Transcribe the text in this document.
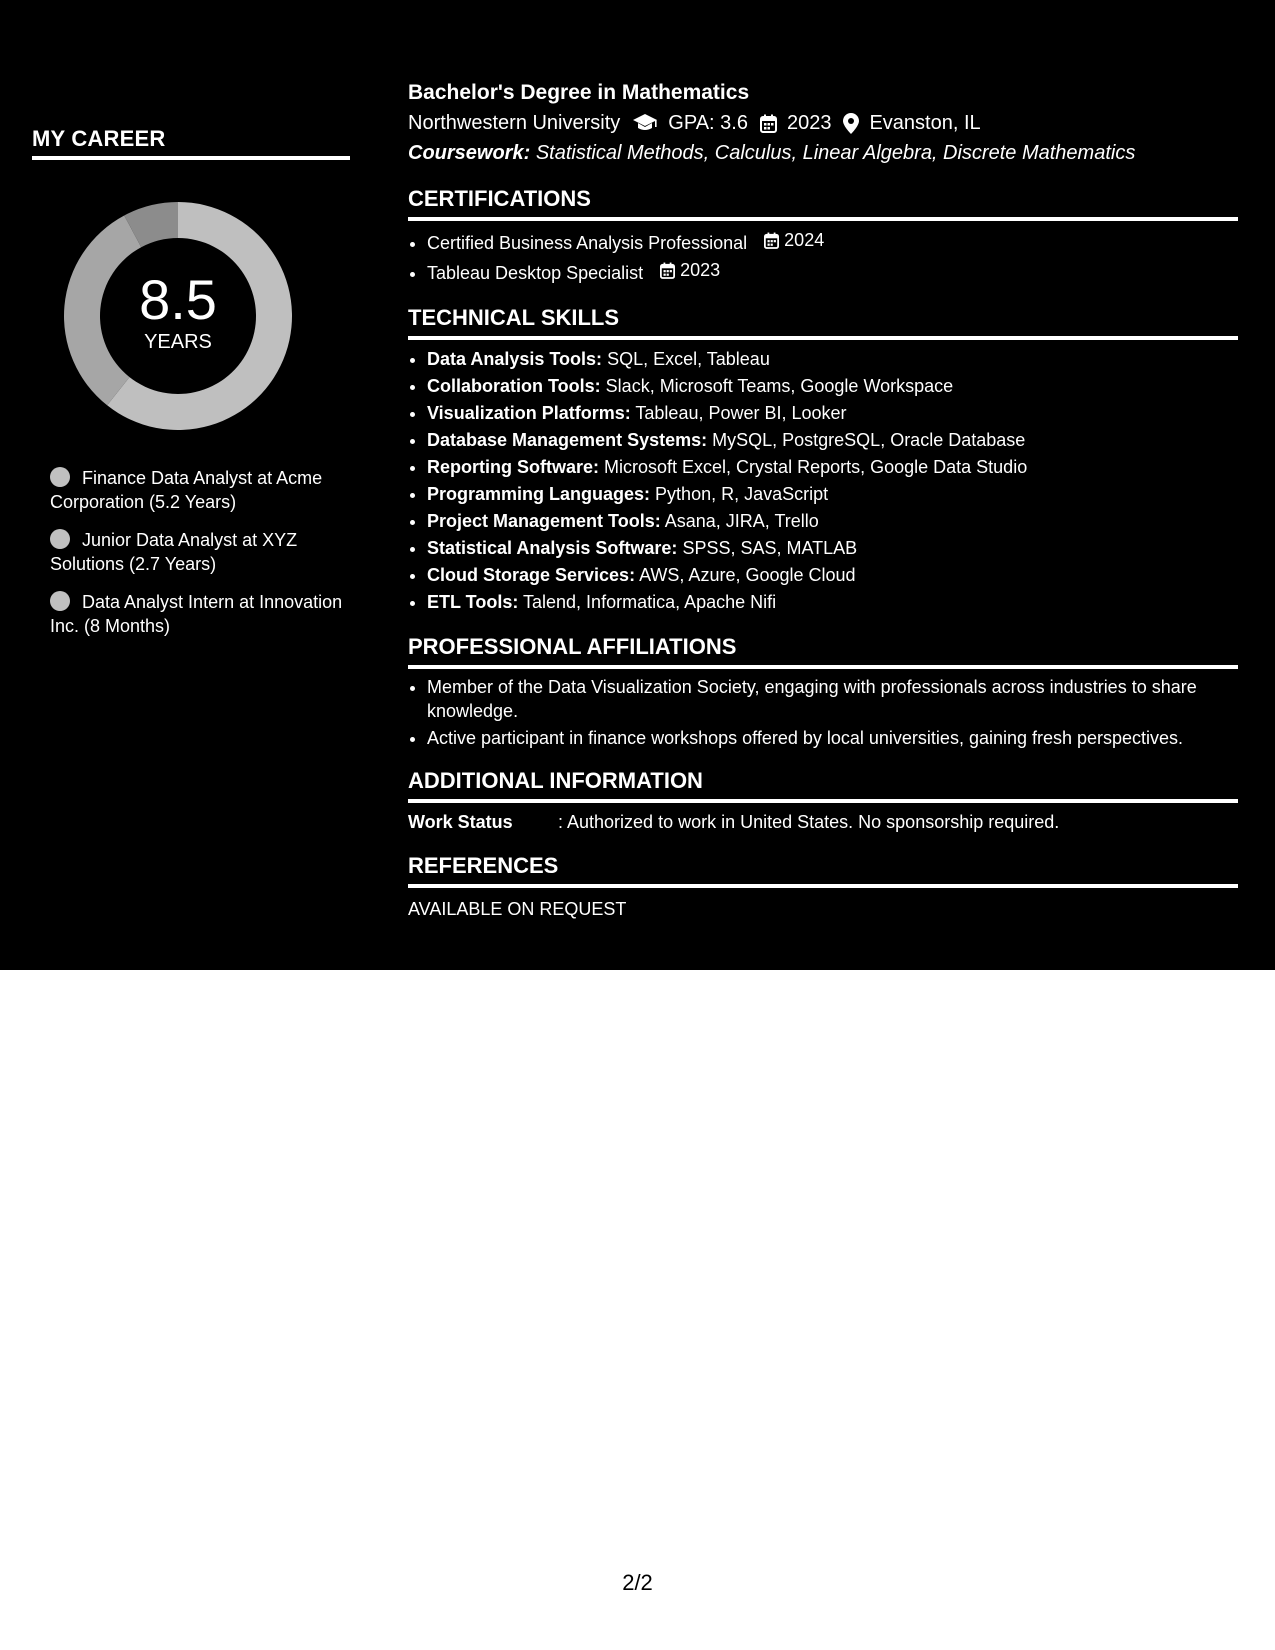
MY CAREER
8.5
YEARS
Finance Data Analyst at Acme Corporation (5.2 Years)
Junior Data Analyst at XYZ Solutions (2.7 Years)
Data Analyst Intern at Innovation Inc. (8 Months)
Bachelor's Degree in Mathematics
Northwestern University GPA: 3.6 2023 Evanston, IL
Coursework: Statistical Methods, Calculus, Linear Algebra, Discrete Mathematics
CERTIFICATIONS
• Certified Business Analysis Professional 2024
• Tableau Desktop Specialist 2023
TECHNICAL SKILLS
• Data Analysis Tools: SQL, Excel, Tableau
• Collaboration Tools: Slack, Microsoft Teams, Google Workspace
• Visualization Platforms: Tableau, Power BI, Looker
• Database Management Systems: MySQL, PostgreSQL, Oracle Database
• Reporting Software: Microsoft Excel, Crystal Reports, Google Data Studio
• Programming Languages: Python, R, JavaScript
• Project Management Tools: Asana, JIRA, Trello
• Statistical Analysis Software: SPSS, SAS, MATLAB
• Cloud Storage Services: AWS, Azure, Google Cloud
• ETL Tools: Talend, Informatica, Apache Nifi
PROFESSIONAL AFFILIATIONS
• Member of the Data Visualization Society, engaging with professionals across industries to share knowledge.
• Active participant in finance workshops offered by local universities, gaining fresh perspectives.
ADDITIONAL INFORMATION
Work Status	: Authorized to work in United States. No sponsorship required.
REFERENCES
AVAILABLE ON REQUEST
2/2
